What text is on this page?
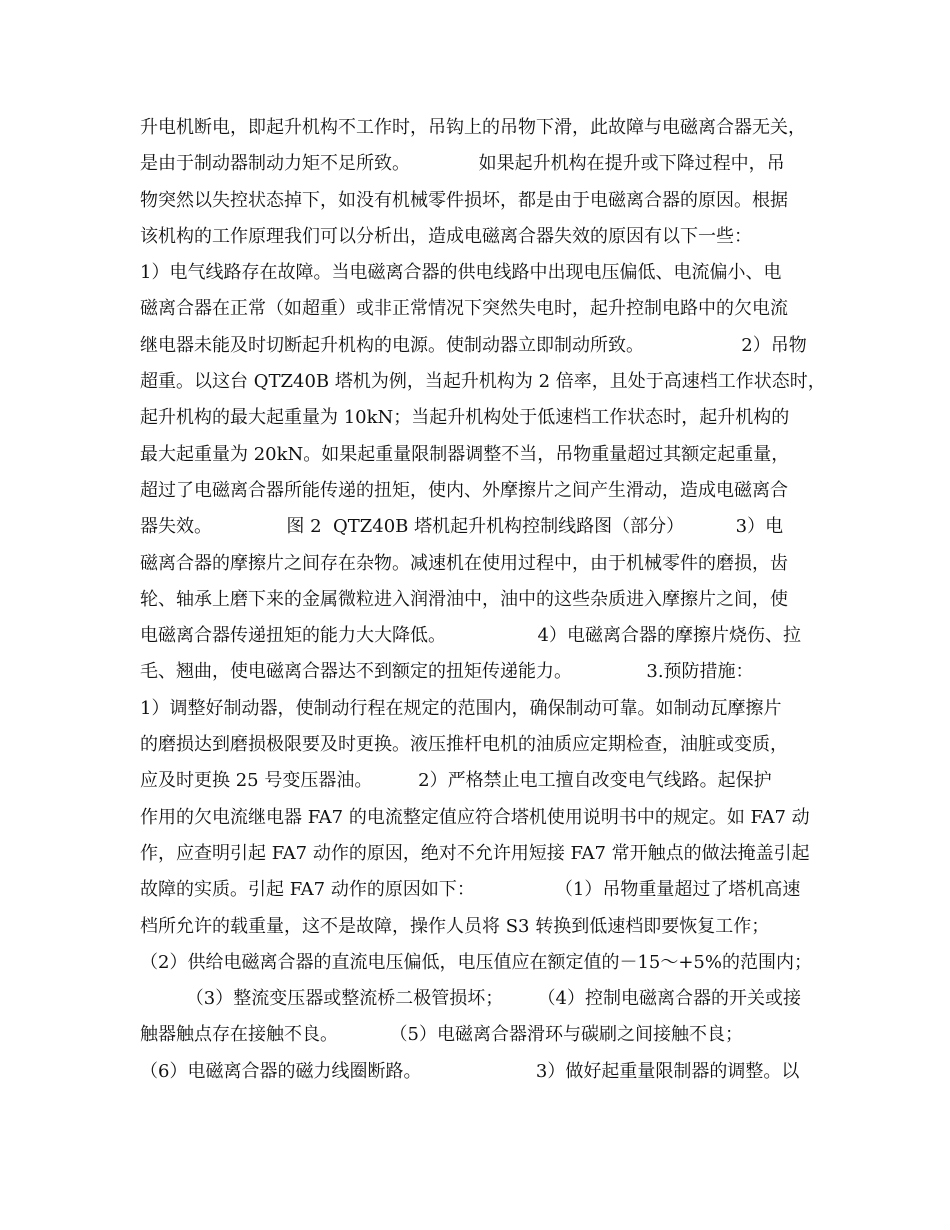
升电机断电，即起升机构不工作时，吊钩上的吊物下滑，此故障与电磁离合器无关，
是由于制动器制动力矩不足所致。            如果起升机构在提升或下降过程中，吊
物突然以失控状态掉下，如没有机械零件损坏，都是由于电磁离合器的原因。根据
该机构的工作原理我们可以分析出，造成电磁离合器失效的原因有以下一些：
1）电气线路存在故障。当电磁离合器的供电线路中出现电压偏低、电流偏小、电
磁离合器在正常（如超重）或非正常情况下突然失电时，起升控制电路中的欠电流
继电器未能及时切断起升机构的电源。使制动器立即制动所致。                 2）吊物
超重。以这台 QTZ40B 塔机为例，当起升机构为 2 倍率，且处于高速档工作状态时，
起升机构的最大起重量为 10kN；当起升机构处于低速档工作状态时，起升机构的
最大起重量为 20kN。如果起重量限制器调整不当，吊物重量超过其额定起重量，
超过了电磁离合器所能传递的扭矩，使内、外摩擦片之间产生滑动，造成电磁离合
器失效。             图 2  QTZ40B 塔机起升机构控制线路图（部分）         3）电
磁离合器的摩擦片之间存在杂物。减速机在使用过程中，由于机械零件的磨损，齿
轮、轴承上磨下来的金属微粒进入润滑油中，油中的这些杂质进入摩擦片之间，使
电磁离合器传递扭矩的能力大大降低。                4）电磁离合器的摩擦片烧伤、拉
毛、翘曲，使电磁离合器达不到额定的扭矩传递能力。             3.预防措施：
1）调整好制动器，使制动行程在规定的范围内，确保制动可靠。如制动瓦摩擦片
的磨损达到磨损极限要及时更换。液压推杆电机的油质应定期检查，油脏或变质，
应及时更换 25 号变压器油。        2）严格禁止电工擅自改变电气线路。起保护
作用的欠电流继电器 FA7 的电流整定值应符合塔机使用说明书中的规定。如 FA7 动
作，应查明引起 FA7 动作的原因，绝对不允许用短接 FA7 常开触点的做法掩盖引起
故障的实质。引起 FA7 动作的原因如下：              （1）吊物重量超过了塔机高速
档所允许的载重量，这不是故障，操作人员将 S3 转换到低速档即要恢复工作；
（2）供给电磁离合器的直流电压偏低，电压值应在额定值的－15～+5%的范围内；
（3）整流变压器或整流桥二极管损坏；      （4）控制电磁离合器的开关或接
触器触点存在接触不良。         （5）电磁离合器滑环与碳刷之间接触不良；
（6）电磁离合器的磁力线圈断路。                    3）做好起重量限制器的调整。以
